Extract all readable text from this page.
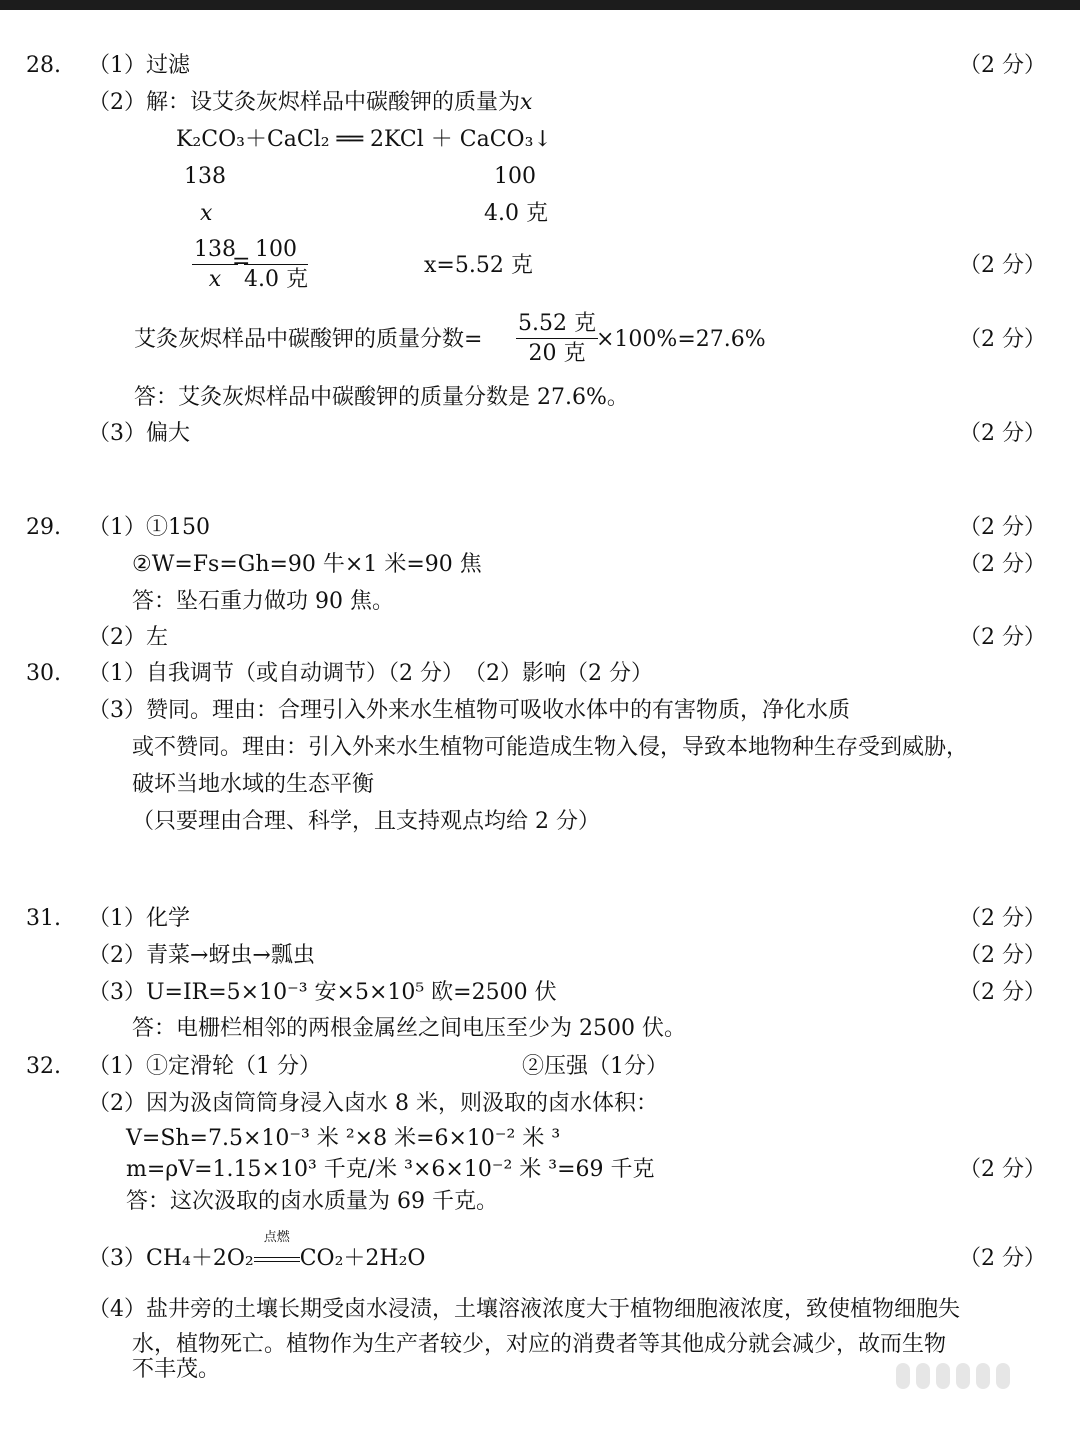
28. （1）过滤	（2 分）
（2）解：设艾灸灰烬样品中碳酸钾的质量为x
K₂CO₃＋CaCl₂ ══ 2KCl ＋ CaCO₃↓
138	100
x	4.0 克
$\frac{138}{x}$
= 100
4.0 克
x=5.52 克	（2 分）
艾灸灰烬样品中碳酸钾的质量分数=
5.52 克
20 克
×100%=27.6%	（2 分）
答：艾灸灰烬样品中碳酸钾的质量分数是 27.6%。
（3）偏大	（2 分）
29. （1）①150	（2 分）
②W=Fs=Gh=90 牛×1 米=90 焦	（2 分）
答：坠石重力做功 90 焦。
（2）左	（2 分）
30. （1）自我调节（或自动调节）（2 分）　（2）影响（2 分）
（3）赞同。理由：合理引入外来水生植物可吸收水体中的有害物质，净化水质
或不赞同。理由：引入外来水生植物可能造成生物入侵，导致本地物种生存受到威胁，
破坏当地水域的生态平衡
（只要理由合理、科学，且支持观点均给 2 分）
31. （1）化学	（2 分）
（2）青菜→蚜虫→瓢虫	（2 分）
（3）U=IR=5×10⁻³ 安×5×10⁵ 欧=2500 伏	（2 分）
答：电栅栏相邻的两根金属丝之间电压至少为 2500 伏。
32. （1）①定滑轮（1 分）	②压强（1分）
（2）因为汲卤筒筒身浸入卤水 8 米，则汲取的卤水体积：
V=Sh=7.5×10⁻³ 米 ²×8 米=6×10⁻² 米 ³
m=ρV=1.15×10³ 千克/米 ³×6×10⁻² 米 ³=69 千克	（2 分）
答：这次汲取的卤水质量为 69 千克。
（3）CH₄＋2O₂
点燃
CO₂＋2H₂O	（2 分）
（4）盐井旁的土壤长期受卤水浸渍，土壤溶液浓度大于植物细胞液浓度，致使植物细胞失
水，植物死亡。植物作为生产者较少，对应的消费者等其他成分就会减少，故而生物
不丰茂。
